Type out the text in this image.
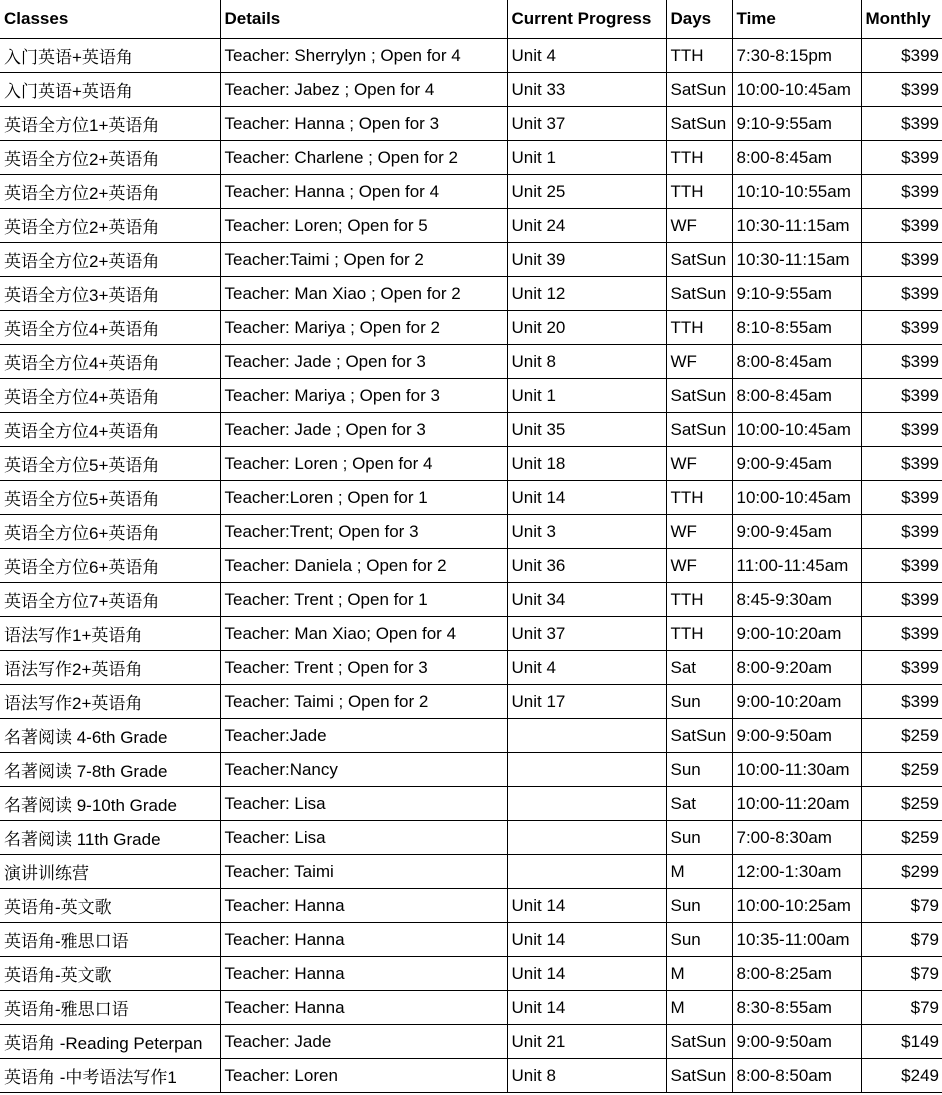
Classes	Details	Current Progress	Days	Time	Monthly
入门英语+英语角	Teacher: Sherrylyn ; Open for 4	Unit 4	TTH	7:30-8:15pm	$399
入门英语+英语角	Teacher: Jabez ; Open for 4	Unit 33	SatSun	10:00-10:45am	$399
英语全方位1+英语角	Teacher: Hanna ; Open for 3	Unit 37	SatSun	9:10-9:55am	$399
英语全方位2+英语角	Teacher: Charlene ; Open for 2	Unit 1	TTH	8:00-8:45am	$399
英语全方位2+英语角	Teacher: Hanna ; Open for 4	Unit 25	TTH	10:10-10:55am	$399
英语全方位2+英语角	Teacher: Loren; Open for 5	Unit 24	WF	10:30-11:15am	$399
英语全方位2+英语角	Teacher:Taimi ; Open for 2	Unit 39	SatSun	10:30-11:15am	$399
英语全方位3+英语角	Teacher: Man Xiao ; Open for 2	Unit 12	SatSun	9:10-9:55am	$399
英语全方位4+英语角	Teacher: Mariya ; Open for 2	Unit 20	TTH	8:10-8:55am	$399
英语全方位4+英语角	Teacher: Jade ; Open for 3	Unit 8	WF	8:00-8:45am	$399
英语全方位4+英语角	Teacher: Mariya ; Open for 3	Unit 1	SatSun	8:00-8:45am	$399
英语全方位4+英语角	Teacher: Jade ; Open for 3	Unit 35	SatSun	10:00-10:45am	$399
英语全方位5+英语角	Teacher: Loren ; Open for 4	Unit 18	WF	9:00-9:45am	$399
英语全方位5+英语角	Teacher:Loren ; Open for 1	Unit 14	TTH	10:00-10:45am	$399
英语全方位6+英语角	Teacher:Trent; Open for 3	Unit 3	WF	9:00-9:45am	$399
英语全方位6+英语角	Teacher: Daniela ; Open for 2	Unit 36	WF	11:00-11:45am	$399
英语全方位7+英语角	Teacher: Trent ; Open for 1	Unit 34	TTH	8:45-9:30am	$399
语法写作1+英语角	Teacher: Man Xiao; Open for 4	Unit 37	TTH	9:00-10:20am	$399
语法写作2+英语角	Teacher: Trent ; Open for 3	Unit 4	Sat	8:00-9:20am	$399
语法写作2+英语角	Teacher: Taimi ; Open for 2	Unit 17	Sun	9:00-10:20am	$399
名著阅读 4-6th Grade	Teacher:Jade		SatSun	9:00-9:50am	$259
名著阅读 7-8th Grade	Teacher:Nancy		Sun	10:00-11:30am	$259
名著阅读 9-10th Grade	Teacher: Lisa		Sat	10:00-11:20am	$259
名著阅读 11th Grade	Teacher: Lisa		Sun	7:00-8:30am	$259
演讲训练营	Teacher: Taimi		M	12:00-1:30am	$299
英语角-英文歌	Teacher: Hanna	Unit 14	Sun	10:00-10:25am	$79
英语角-雅思口语	Teacher: Hanna	Unit 14	Sun	10:35-11:00am	$79
英语角-英文歌	Teacher: Hanna	Unit 14	M	8:00-8:25am	$79
英语角-雅思口语	Teacher: Hanna	Unit 14	M	8:30-8:55am	$79
英语角 -Reading Peterpan	Teacher: Jade	Unit 21	SatSun	9:00-9:50am	$149
英语角 -中考语法写作1	Teacher: Loren	Unit 8	SatSun	8:00-8:50am	$249
